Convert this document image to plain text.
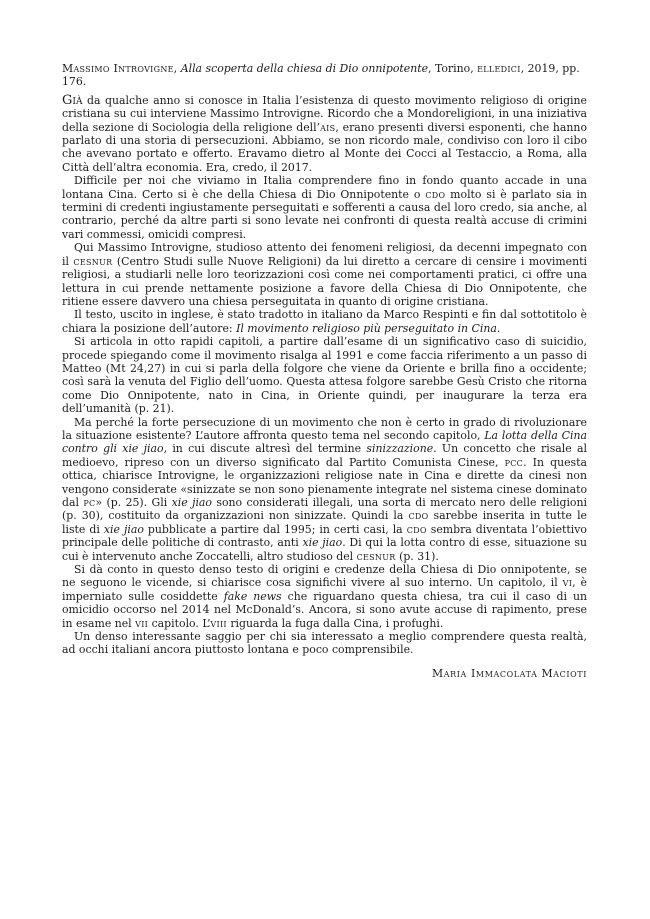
Massimo Introvigne, Alla scoperta della chiesa di Dio onnipotente, Torino, elledici, 2019, pp. 176.

Già da qualche anno si conosce in Italia l’esistenza di questo movimento religioso di origine cristiana su cui interviene Massimo Introvigne. Ricordo che a Mondoreligioni, in una iniziativa della sezione di Sociologia della religione dell’ais, erano presenti diversi esponenti, che hanno parlato di una storia di persecuzioni. Abbiamo, se non ricordo male, condiviso con loro il cibo che avevano portato e offerto. Eravamo dietro al Monte dei Cocci al Testaccio, a Roma, alla Città dell’altra economia. Era, credo, il 2017.

Difficile per noi che viviamo in Italia comprendere fino in fondo quanto accade in una lontana Cina. Certo si è che della Chiesa di Dio Onnipotente o cdo molto si è parlato sia in termini di credenti ingiustamente perseguitati e sofferenti a causa del loro credo, sia anche, al contrario, perché da altre parti si sono levate nei confronti di questa realtà accuse di crimini vari commessi, omicidi compresi.

Qui Massimo Introvigne, studioso attento dei fenomeni religiosi, da decenni impegnato con il cesnur (Centro Studi sulle Nuove Religioni) da lui diretto a cercare di censire i movimenti religiosi, a studiarli nelle loro teorizzazioni così come nei comportamenti pratici, ci offre una lettura in cui prende nettamente posizione a favore della Chiesa di Dio Onnipotente, che ritiene essere davvero una chiesa perseguitata in quanto di origine cristiana.

Il testo, uscito in inglese, è stato tradotto in italiano da Marco Respinti e fin dal sottotitolo è chiara la posizione dell’autore: Il movimento religioso più perseguitato in Cina.

Si articola in otto rapidi capitoli, a partire dall’esame di un significativo caso di suicidio, procede spiegando come il movimento risalga al 1991 e come faccia riferimento a un passo di Matteo (Mt 24,27) in cui si parla della folgore che viene da Oriente e brilla fino a occidente; così sarà la venuta del Figlio dell’uomo. Questa attesa folgore sarebbe Gesù Cristo che ritorna come Dio Onnipotente, nato in Cina, in Oriente quindi, per inaugurare la terza era dell’umanità (p. 21).

Ma perché la forte persecuzione di un movimento che non è certo in grado di rivoluzionare la situazione esistente? L’autore affronta questo tema nel secondo capitolo, La lotta della Cina contro gli xie jiao, in cui discute altresì del termine sinizzazione. Un concetto che risale al medioevo, ripreso con un diverso significato dal Partito Comunista Cinese, pcc. In questa ottica, chiarisce Introvigne, le organizzazioni religiose nate in Cina e dirette da cinesi non vengono considerate «sinizzate se non sono pienamente integrate nel sistema cinese dominato dal pc» (p. 25). Gli xie jiao sono considerati illegali, una sorta di mercato nero delle religioni (p. 30), costituito da organizzazioni non sinizzate. Quindi la cdo sarebbe inserita in tutte le liste di xie jiao pubblicate a partire dal 1995; in certi casi, la cdo sembra diventata l’obiettivo principale delle politiche di contrasto, anti xie jiao. Di qui la lotta contro di esse, situazione su cui è intervenuto anche Zoccatelli, altro studioso del cesnur (p. 31).

Si dà conto in questo denso testo di origini e credenze della Chiesa di Dio onnipotente, se ne seguono le vicende, si chiarisce cosa significhi vivere al suo interno. Un capitolo, il vi, è imperniato sulle cosiddette fake news che riguardano questa chiesa, tra cui il caso di un omicidio occorso nel 2014 nel McDonald’s. Ancora, si sono avute accuse di rapimento, prese in esame nel vii capitolo. L’viii riguarda la fuga dalla Cina, i profughi.

Un denso interessante saggio per chi sia interessato a meglio comprendere questa realtà, ad occhi italiani ancora piuttosto lontana e poco comprensibile.

Maria Immacolata Macioti
